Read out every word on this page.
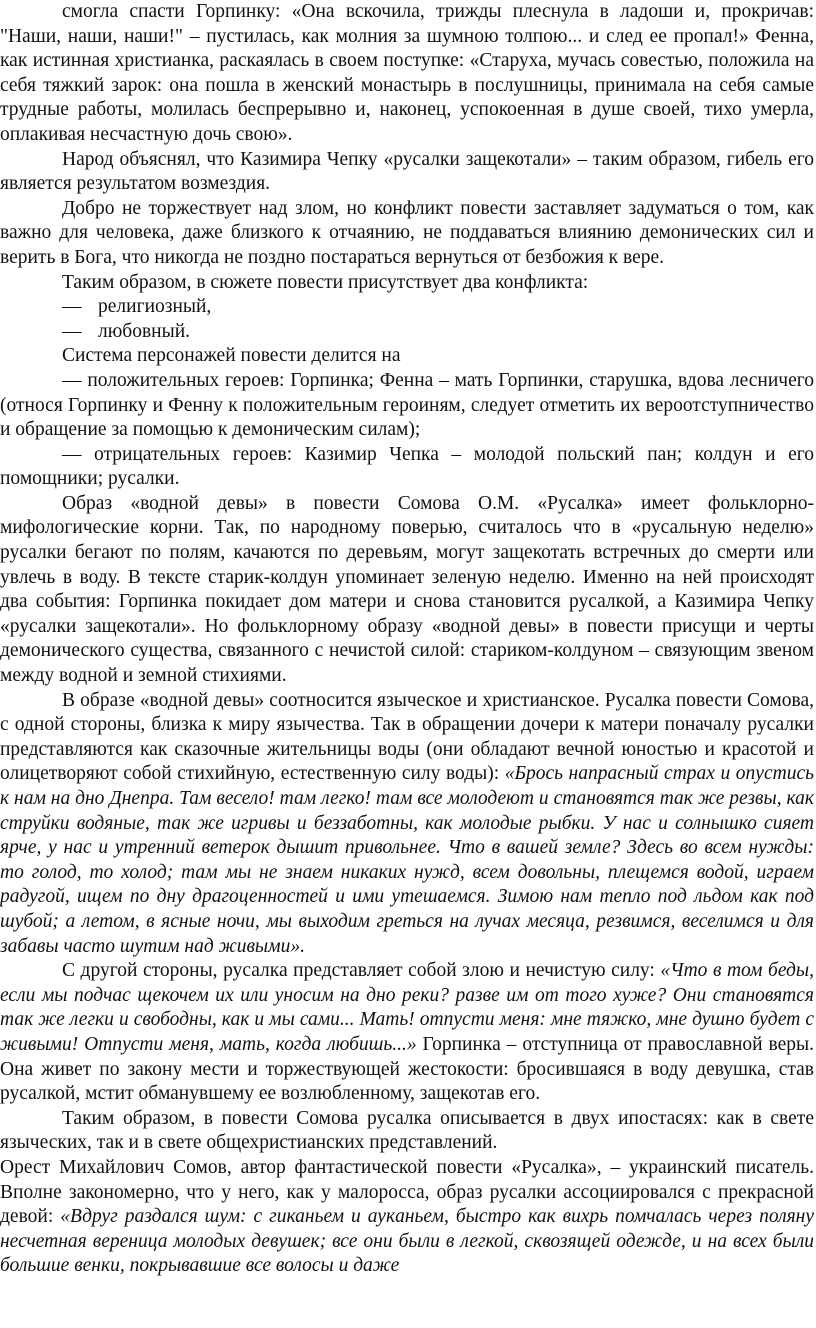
смогла спасти Горпинку: «Она вскочила, трижды плеснула в ладоши и, прокричав: "Наши, наши, наши!" – пустилась, как молния за шумною толпою... и след ее пропал!» Фенна, как истинная христианка, раскаялась в своем поступке: «Старуха, мучась совестью, положила на себя тяжкий зарок: она пошла в женский монастырь в послушницы, принимала на себя самые трудные работы, молилась беспрерывно и, наконец, успокоенная в душе своей, тихо умерла, оплакивая несчастную дочь свою».

Народ объяснял, что Казимира Чепку «русалки защекотали» – таким образом, гибель его является результатом возмездия.

Добро не торжествует над злом, но конфликт повести заставляет задуматься о том, как важно для человека, даже близкого к отчаянию, не поддаваться влиянию демонических сил и верить в Бога, что никогда не поздно постараться вернуться от безбожия к вере.

Таким образом, в сюжете повести присутствует два конфликта:

― религиозный,

― любовный.

Система персонажей повести делится на

― положительных героев: Горпинка; Фенна – мать Горпинки, старушка, вдова лесничего (относя Горпинку и Фенну к положительным героиням, следует отметить их вероотступничество и обращение за помощью к демоническим силам);

― отрицательных героев: Казимир Чепка – молодой польский пан; колдун и его помощники; русалки.

Образ «водной девы» в повести Сомова О.М. «Русалка» имеет фольклорно-мифологические корни. Так, по народному поверью, считалось что в «русальную неделю» русалки бегают по полям, качаются по деревьям, могут защекотать встречных до смерти или увлечь в воду. В тексте старик-колдун упоминает зеленую неделю. Именно на ней происходят два события: Горпинка покидает дом матери и снова становится русалкой, а Казимира Чепку «русалки защекотали». Но фольклорному образу «водной девы» в повести присущи и черты демонического существа, связанного с нечистой силой: стариком-колдуном – связующим звеном между водной и земной стихиями.

В образе «водной девы» соотносится языческое и христианское. Русалка повести Сомова, с одной стороны, близка к миру язычества. Так в обращении дочери к матери поначалу русалки представляются как сказочные жительницы воды (они обладают вечной юностью и красотой и олицетворяют собой стихийную, естественную силу воды): «Брось напрасный страх и опустись к нам на дно Днепра. Там весело! там легко! там все молодеют и становятся так же резвы, как струйки водяные, так же игривы и беззаботны, как молодые рыбки. У нас и солнышко сияет ярче, у нас и утренний ветерок дышит привольнее. Что в вашей земле? Здесь во всем нужды: то голод, то холод; там мы не знаем никаких нужд, всем довольны, плещемся водой, играем радугой, ищем по дну драгоценностей и ими утешаемся. Зимою нам тепло под льдом как под шубой; а летом, в ясные ночи, мы выходим греться на лучах месяца, резвимся, веселимся и для забавы часто шутим над живыми».

С другой стороны, русалка представляет собой злою и нечистую силу: «Что в том беды, если мы подчас щекочем их или уносим на дно реки? разве им от того хуже? Они становятся так же легки и свободны, как и мы сами... Мать! отпусти меня: мне тяжко, мне душно будет с живыми! Отпусти меня, мать, когда любишь...» Горпинка – отступница от православной веры. Она живет по закону мести и торжествующей жестокости: бросившаяся в воду девушка, став русалкой, мстит обманувшему ее возлюбленному, защекотав его.

Таким образом, в повести Сомова русалка описывается в двух ипостасях: как в свете языческих, так и в свете общехристианских представлений.

Орест Михайлович Сомов, автор фантастической повести «Русалка», – украинский писатель. Вполне закономерно, что у него, как у малоросса, образ русалки ассоциировался с прекрасной девой: «Вдруг раздался шум: с гиканьем и аукaньем, быстро как вихрь помчалась через поляну несчетная вереница молодых девушек; все они были в легкой, сквозящей одежде, и на всех были большие венки, покрывавшие все волосы и даже
